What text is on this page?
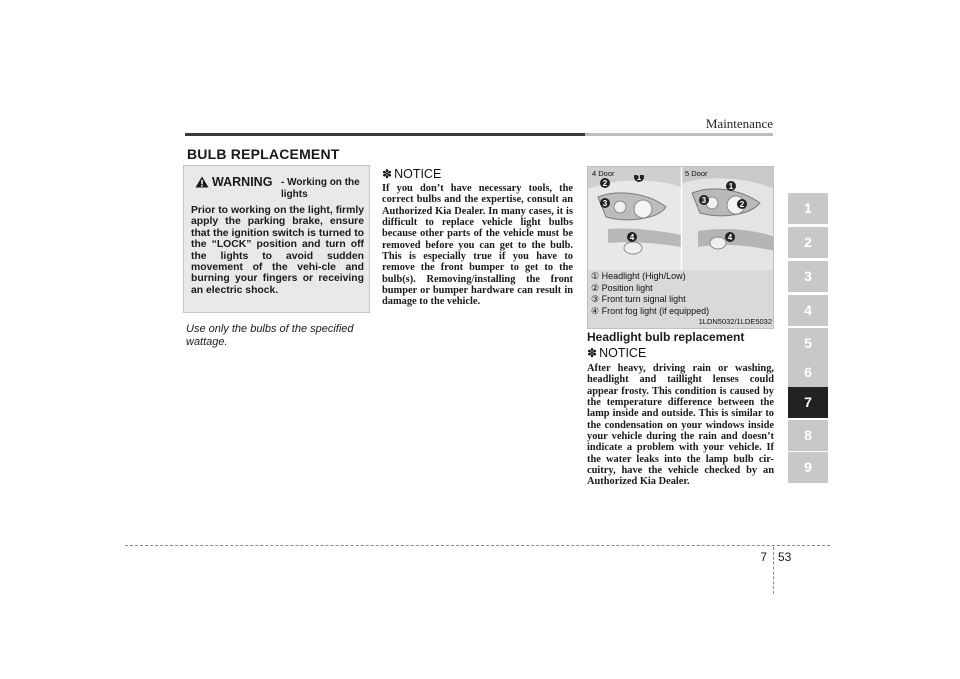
Maintenance
BULB REPLACEMENT
WARNING - Working on the lights
Prior to working on the light, firmly apply the parking brake, ensure that the ignition switch is turned to the “LOCK” position and turn off the lights to avoid sudden movement of the vehi-cle and burning your fingers or receiving an electric shock.
Use only the bulbs of the specified wattage.
✽ NOTICE
If you don’t have necessary tools, the correct bulbs and the expertise, consult an Authorized Kia Dealer. In many cases, it is difficult to replace vehicle light bulbs because other parts of the vehicle must be removed before you can get to the bulb. This is especially true if you have to remove the front bumper to get to the bulb(s). Removing/installing the front bumper or bumper hardware can result in damage to the vehicle.
4 Door	5 Door
2
1
3
4
1
2
3
4
① Headlight (High/Low)
② Position light
③ Front turn signal light
④ Front fog light (if equipped)
1LDN5032/1LDE5032
Headlight bulb replacement
✽ NOTICE
After heavy, driving rain or washing, headlight and taillight lenses could appear frosty. This condition is caused by the temperature difference between the lamp inside and outside. This is similar to the condensation on your windows inside your vehicle during the rain and doesn’t indicate a problem with your vehicle. If the water leaks into the lamp bulb cir-cuitry, have the vehicle checked by an Authorized Kia Dealer.
1
2
3
4
5
6
7
8
9
7 53
